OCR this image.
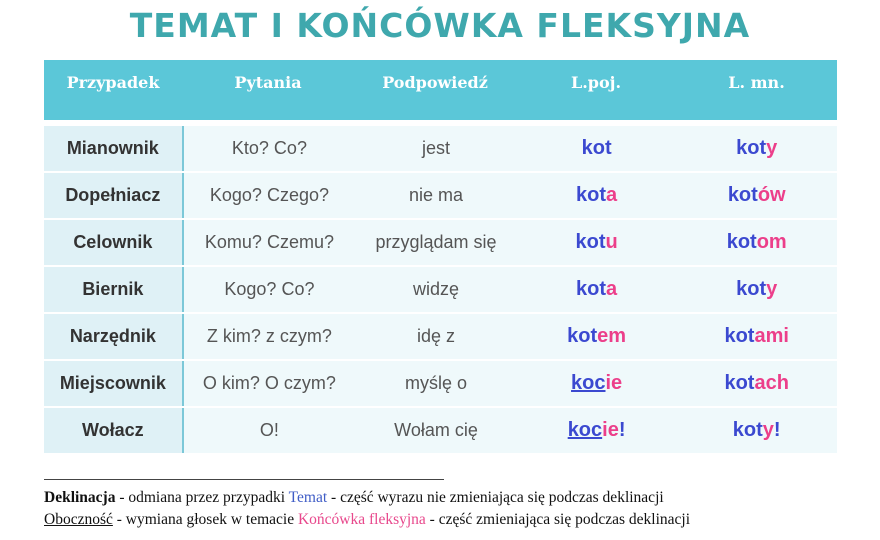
TEMAT I KOŃCÓWKA FLEKSYJNA
Przypadek	Pytania	Podpowiedź	L.poj.	L. mn.
Mianownik	Kto? Co?	jest	kot	kot y
Dopełniacz	Kogo? Czego?	nie ma	kot a	kot ów
Celownik	Komu? Czemu?	przyglądam się	kot u	kot om
Biernik	Kogo? Co?	widzę	kot a	kot y
Narzędnik	Z kim? z czym?	idę z	kot em	kot ami
Miejscownik	O kim? O czym?	myślę o	koc ie	kot ach
Wołacz	O!	Wołam cię	koc ie !	kot y !
Deklinacja - odmiana przez przypadki Temat - część wyrazu nie zmieniająca się podczas deklinacji
Oboczność - wymiana głosek w temacie Końcówka fleksyjna - część zmieniająca się podczas deklinacji
